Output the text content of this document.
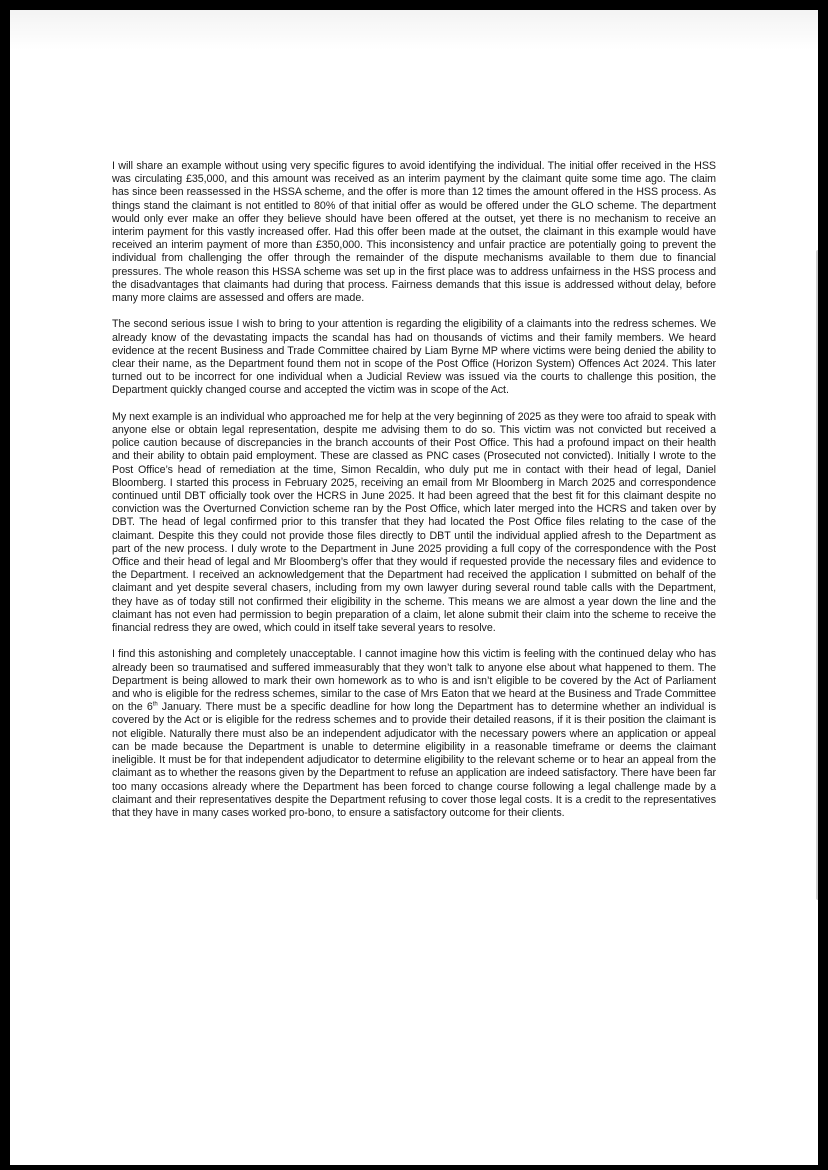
I will share an example without using very specific figures to avoid identifying the individual. The initial offer received in the HSS was circulating £35,000, and this amount was received as an interim payment by the claimant quite some time ago. The claim has since been reassessed in the HSSA scheme, and the offer is more than 12 times the amount offered in the HSS process. As things stand the claimant is not entitled to 80% of that initial offer as would be offered under the GLO scheme. The department would only ever make an offer they believe should have been offered at the outset, yet there is no mechanism to receive an interim payment for this vastly increased offer. Had this offer been made at the outset, the claimant in this example would have received an interim payment of more than £350,000. This inconsistency and unfair practice are potentially going to prevent the individual from challenging the offer through the remainder of the dispute mechanisms available to them due to financial pressures. The whole reason this HSSA scheme was set up in the first place was to address unfairness in the HSS process and the disadvantages that claimants had during that process. Fairness demands that this issue is addressed without delay, before many more claims are assessed and offers are made.

The second serious issue I wish to bring to your attention is regarding the eligibility of a claimants into the redress schemes. We already know of the devastating impacts the scandal has had on thousands of victims and their family members. We heard evidence at the recent Business and Trade Committee chaired by Liam Byrne MP where victims were being denied the ability to clear their name, as the Department found them not in scope of the Post Office (Horizon System) Offences Act 2024. This later turned out to be incorrect for one individual when a Judicial Review was issued via the courts to challenge this position, the Department quickly changed course and accepted the victim was in scope of the Act.

My next example is an individual who approached me for help at the very beginning of 2025 as they were too afraid to speak with anyone else or obtain legal representation, despite me advising them to do so. This victim was not convicted but received a police caution because of discrepancies in the branch accounts of their Post Office. This had a profound impact on their health and their ability to obtain paid employment. These are classed as PNC cases (Prosecuted not convicted). Initially I wrote to the Post Office’s head of remediation at the time, Simon Recaldin, who duly put me in contact with their head of legal, Daniel Bloomberg. I started this process in February 2025, receiving an email from Mr Bloomberg in March 2025 and correspondence continued until DBT officially took over the HCRS in June 2025. It had been agreed that the best fit for this claimant despite no conviction was the Overturned Conviction scheme ran by the Post Office, which later merged into the HCRS and taken over by DBT. The head of legal confirmed prior to this transfer that they had located the Post Office files relating to the case of the claimant. Despite this they could not provide those files directly to DBT until the individual applied afresh to the Department as part of the new process. I duly wrote to the Department in June 2025 providing a full copy of the correspondence with the Post Office and their head of legal and Mr Bloomberg’s offer that they would if requested provide the necessary files and evidence to the Department. I received an acknowledgement that the Department had received the application I submitted on behalf of the claimant and yet despite several chasers, including from my own lawyer during several round table calls with the Department, they have as of today still not confirmed their eligibility in the scheme. This means we are almost a year down the line and the claimant has not even had permission to begin preparation of a claim, let alone submit their claim into the scheme to receive the financial redress they are owed, which could in itself take several years to resolve.

I find this astonishing and completely unacceptable. I cannot imagine how this victim is feeling with the continued delay who has already been so traumatised and suffered immeasurably that they won’t talk to anyone else about what happened to them. The Department is being allowed to mark their own homework as to who is and isn’t eligible to be covered by the Act of Parliament and who is eligible for the redress schemes, similar to the case of Mrs Eaton that we heard at the Business and Trade Committee on the 6th January. There must be a specific deadline for how long the Department has to determine whether an individual is covered by the Act or is eligible for the redress schemes and to provide their detailed reasons, if it is their position the claimant is not eligible. Naturally there must also be an independent adjudicator with the necessary powers where an application or appeal can be made because the Department is unable to determine eligibility in a reasonable timeframe or deems the claimant ineligible. It must be for that independent adjudicator to determine eligibility to the relevant scheme or to hear an appeal from the claimant as to whether the reasons given by the Department to refuse an application are indeed satisfactory. There have been far too many occasions already where the Department has been forced to change course following a legal challenge made by a claimant and their representatives despite the Department refusing to cover those legal costs. It is a credit to the representatives that they have in many cases worked pro-bono, to ensure a satisfactory outcome for their clients.
